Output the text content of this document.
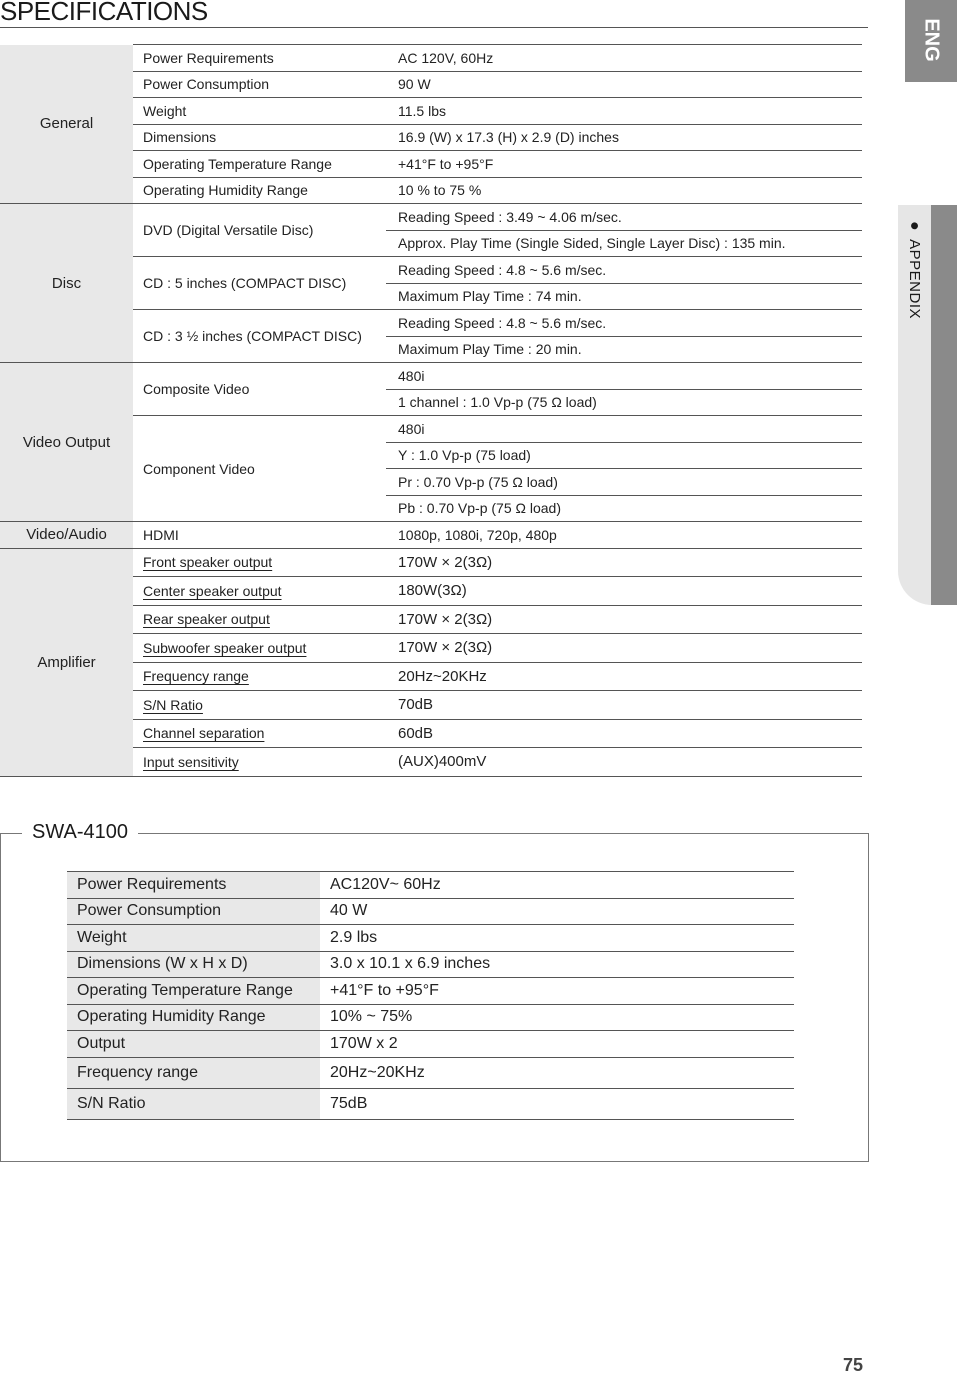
SPECIFICATIONS
ENG
●APPENDIX
General	Power Requirements	AC 120V, 60Hz
	Power Consumption	90 W
	Weight	11.5 lbs
	Dimensions	16.9 (W) x 17.3 (H) x 2.9 (D) inches
	Operating Temperature Range	+41°F to +95°F
	Operating Humidity Range	10 % to 75 %
Disc	DVD (Digital Versatile Disc)	Reading Speed : 3.49 ~ 4.06 m/sec.
		Approx. Play Time (Single Sided, Single Layer Disc) : 135 min.
	CD : 5 inches (COMPACT DISC)	Reading Speed : 4.8 ~ 5.6 m/sec.
		Maximum Play Time : 74 min.
	CD : 3 ½ inches (COMPACT DISC)	Reading Speed : 4.8 ~ 5.6 m/sec.
		Maximum Play Time : 20 min.
Video Output	Composite Video	480i
		1 channel : 1.0 Vp-p (75 Ω load)
	Component Video	480i
		Y : 1.0 Vp-p (75 load)
		Pr : 0.70 Vp-p (75 Ω load)
		Pb : 0.70 Vp-p (75 Ω load)
Video/Audio	HDMI	1080p, 1080i, 720p, 480p
Amplifier	Front speaker output	170W × 2(3Ω)
	Center speaker output	180W(3Ω)
	Rear speaker output	170W × 2(3Ω)
	Subwoofer speaker output	170W × 2(3Ω)
	Frequency range	20Hz~20KHz
	S/N Ratio	70dB
	Channel separation	60dB
	Input sensitivity	(AUX)400mV
SWA-4100
Power Requirements	AC120V~ 60Hz
Power Consumption	40 W
Weight	2.9 lbs
Dimensions (W x H x D)	3.0 x 10.1 x 6.9 inches
Operating Temperature Range	+41°F to +95°F
Operating Humidity Range	10% ~ 75%
Output	170W x 2
Frequency range	20Hz~20KHz
S/N Ratio	75dB
75
